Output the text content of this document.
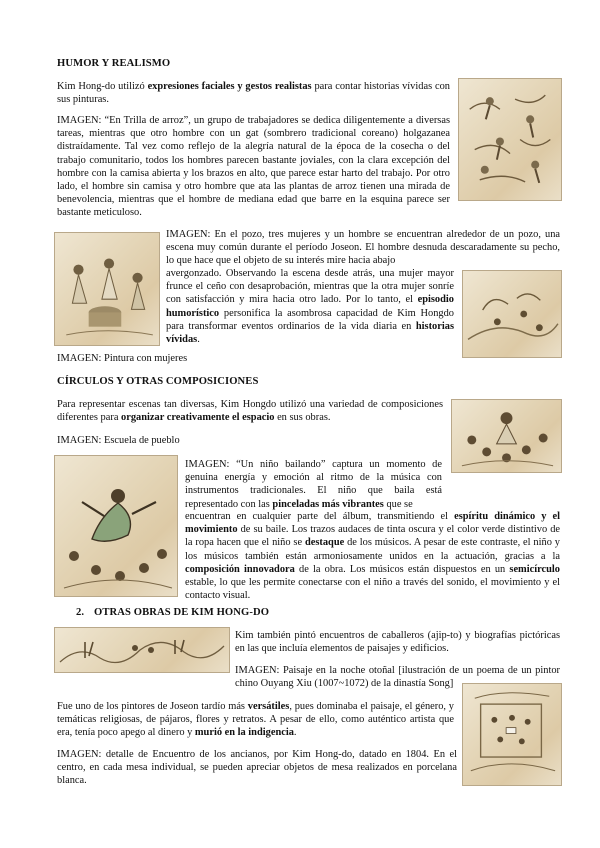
HUMOR Y REALISMO
Kim Hong-do utilizó expresiones faciales y gestos realistas para contar historias vívidas con sus pinturas.
IMAGEN: “En Trilla de arroz”, un grupo de trabajadores se dedica diligentemente a diversas tareas, mientras que otro hombre con un gat (sombrero tradicional coreano) holgazanea distraídamente. Tal vez como reflejo de la alegría natural de la época de la cosecha o del trabajo comunitario, todos los hombres parecen bastante joviales, con la clara excepción del hombre con la camisa abierta y los brazos en alto, que parece estar harto del trabajo. Por otro lado, el hombre sin camisa y otro hombre que ata las plantas de arroz tienen una mirada de benevolencia, mientras que el hombre de mediana edad que barre en la esquina parece ser bastante meticuloso.
IMAGEN: En el pozo, tres mujeres y un hombre se encuentran alrededor de un pozo, una escena muy común durante el período Joseon. El hombre desnuda descaradamente su pecho, lo que hace que el objeto de su interés mire hacia abajo
avergonzado. Observando la escena desde atrás, una mujer mayor frunce el ceño con desaprobación, mientras que la otra mujer sonríe con satisfacción y mira hacia otro lado. Por lo tanto, el episodio humorístico personifica la asombrosa capacidad de Kim Hongdo para transformar eventos ordinarios de la vida diaria en historias vívidas.
IMAGEN: Pintura con mujeres
CÍRCULOS Y OTRAS COMPOSICIONES
Para representar escenas tan diversas, Kim Hongdo utilizó una variedad de composiciones diferentes para organizar creativamente el espacio en sus obras.
IMAGEN: Escuela de pueblo
IMAGEN: “Un niño bailando” captura un momento de genuina energía y emoción al ritmo de la música con instrumentos tradicionales. El niño que baila está representado con las pinceladas más vibrantes que se
encuentran en cualquier parte del álbum, transmitiendo el espíritu dinámico y el movimiento de su baile. Los trazos audaces de tinta oscura y el color verde distintivo de la ropa hacen que el niño se destaque de los músicos. A pesar de este contraste, el niño y los músicos también están armoniosamente unidos en la actuación, gracias a la composición innovadora de la obra. Los músicos están dispuestos en un semicírculo estable, lo que les permite conectarse con el niño a través del sonido, el movimiento y el contacto visual.
2. OTRAS OBRAS DE KIM HONG-DO
Kim también pintó encuentros de caballeros (ajip-to) y biografías pictóricas en las que incluía elementos de paisajes y edificios.
IMAGEN: Paisaje en la noche otoñal [ilustración de un poema de un pintor chino Ouyang Xiu (1007~1072) de la dinastía Song]
Fue uno de los pintores de Joseon tardío más versátiles, pues dominaba el paisaje, el género, y temáticas religiosas, de pájaros, flores y retratos. A pesar de ello, como auténtico artista que era, tenía poco apego al dinero y murió en la indigencia.
IMAGEN: detalle de Encuentro de los ancianos, por Kim Hong-do, datado en 1804. En el centro, en cada mesa individual, se pueden apreciar objetos de mesa realizados en porcelana blanca.
